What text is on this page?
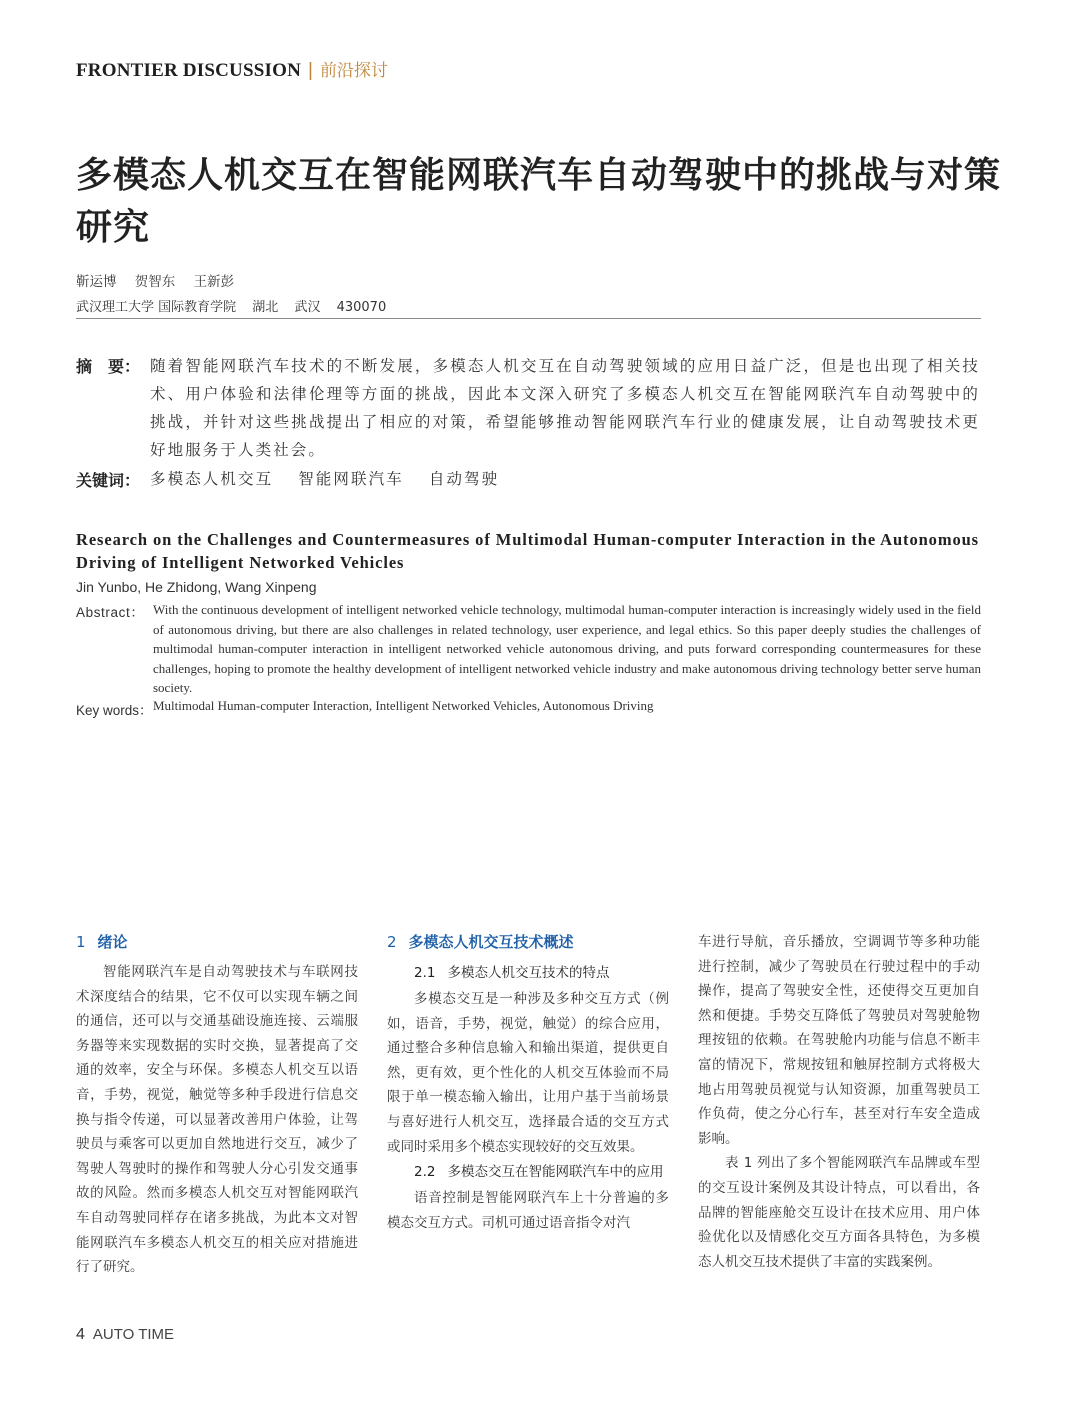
FRONTIER DISCUSSION | 前沿探讨
多模态人机交互在智能网联汽车自动驾驶中的挑战与对策研究
靳运博 贺智东 王新彭
武汉理工大学 国际教育学院 湖北 武汉 430070
摘　要： 随着智能网联汽车技术的不断发展，多模态人机交互在自动驾驶领域的应用日益广泛，但是也出现了相关技术、用户体验和法律伦理等方面的挑战，因此本文深入研究了多模态人机交互在智能网联汽车自动驾驶中的挑战，并针对这些挑战提出了相应的对策，希望能够推动智能网联汽车行业的健康发展，让自动驾驶技术更好地服务于人类社会。
关键词： 多模态人机交互 智能网联汽车 自动驾驶
Research on the Challenges and Countermeasures of Multimodal Human-computer Interaction in the Autonomous Driving of Intelligent Networked Vehicles
Jin Yunbo, He Zhidong, Wang Xinpeng
Abstract： With the continuous development of intelligent networked vehicle technology, multimodal human-computer interaction is increasingly widely used in the field of autonomous driving, but there are also challenges in related technology, user experience, and legal ethics. So this paper deeply studies the challenges of multimodal human-computer interaction in intelligent networked vehicle autonomous driving, and puts forward corresponding countermeasures for these challenges, hoping to promote the healthy development of intelligent networked vehicle industry and make autonomous driving technology better serve human society.
Key words： Multimodal Human-computer Interaction, Intelligent Networked Vehicles, Autonomous Driving
1 绪论

智能网联汽车是自动驾驶技术与车联网技术深度结合的结果，它不仅可以实现车辆之间的通信，还可以与交通基础设施连接、云端服务器等来实现数据的实时交换，显著提高了交通的效率，安全与环保。多模态人机交互以语音，手势，视觉，触觉等多种手段进行信息交换与指令传递，可以显著改善用户体验，让驾驶员与乘客可以更加自然地进行交互，减少了驾驶人驾驶时的操作和驾驶人分心引发交通事故的风险。然而多模态人机交互对智能网联汽车自动驾驶同样存在诸多挑战，为此本文对智能网联汽车多模态人机交互的相关应对措施进行了研究。

2 多模态人机交互技术概述
2.1 多模态人机交互技术的特点

多模态交互是一种涉及多种交互方式（例如，语音，手势，视觉，触觉）的综合应用，通过整合多种信息输入和输出渠道，提供更自然，更有效，更个性化的人机交互体验而不局限于单一模态输入输出，让用户基于当前场景与喜好进行人机交互，选择最合适的交互方式或同时采用多个模态实现较好的交互效果。

2.2 多模态交互在智能网联汽车中的应用

语音控制是智能网联汽车上十分普遍的多模态交互方式。司机可通过语音指令对汽

车进行导航，音乐播放，空调调节等多种功能进行控制，减少了驾驶员在行驶过程中的手动操作，提高了驾驶安全性，还使得交互更加自然和便捷。手势交互降低了驾驶员对驾驶舱物理按钮的依赖。在驾驶舱内功能与信息不断丰富的情况下，常规按钮和触屏控制方式将极大地占用驾驶员视觉与认知资源，加重驾驶员工作负荷，使之分心行车，甚至对行车安全造成影响。

表 1 列出了多个智能网联汽车品牌或车型的交互设计案例及其设计特点，可以看出，各品牌的智能座舱交互设计在技术应用、用户体验优化以及情感化交互方面各具特色，为多模态人机交互技术提供了丰富的实践案例。

4 AUTO TIME
